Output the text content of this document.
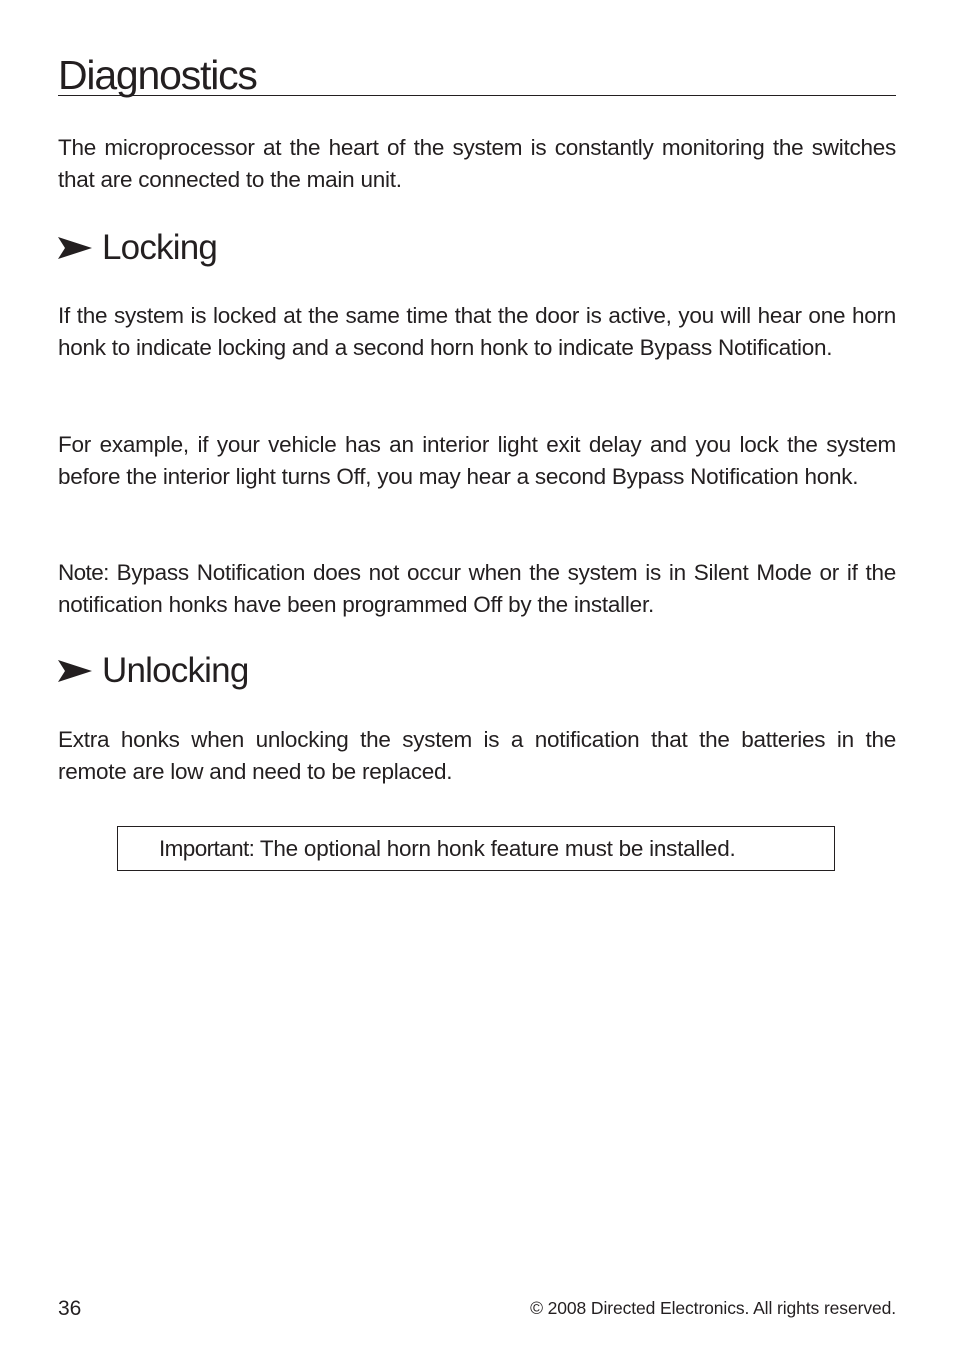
Diagnostics

The microprocessor at the heart of the system is constantly monitoring the switches that are connected to the main unit.

Locking

If the system is locked at the same time that the door is active, you will hear one horn honk to indicate locking and a second horn honk to indicate Bypass Notification.

For example, if your vehicle has an interior light exit delay and you lock the system before the interior light turns Off, you may hear a second Bypass Notification honk.

Note: Bypass Notification does not occur when the system is in Silent Mode or if the notification honks have been programmed Off by the installer.

Unlocking

Extra honks when unlocking the system is a notification that the batteries in the remote are low and need to be replaced.

Important: The optional horn honk feature must be installed.
36	© 2008 Directed Electronics. All rights reserved.
